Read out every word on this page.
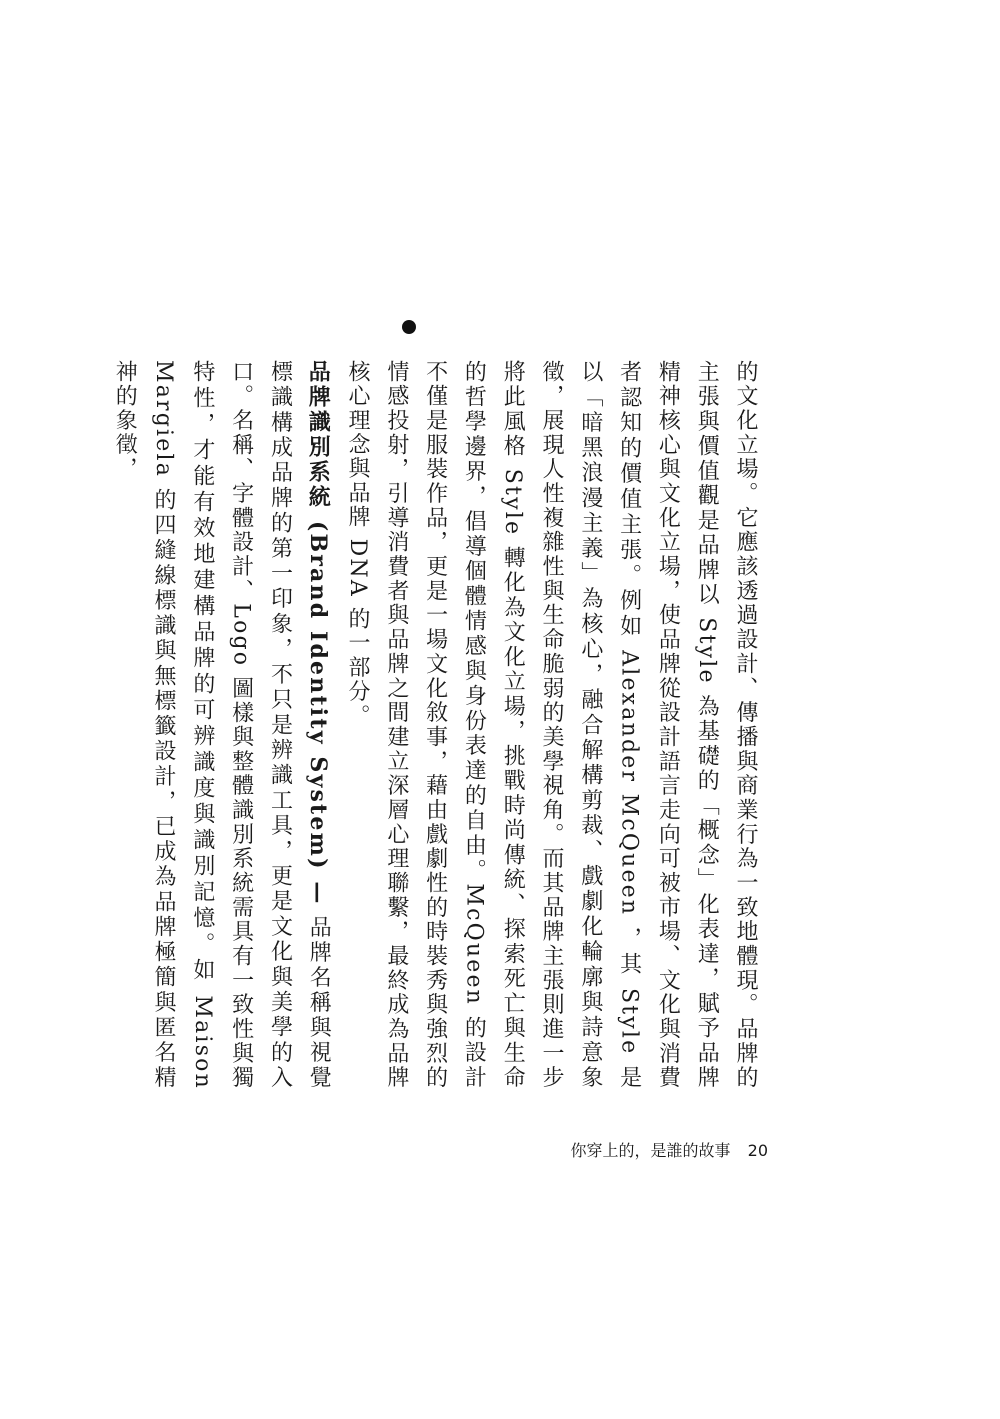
的文化立場。它應該透過設計、傳播與商業行為一致地體現。品牌的主張與價值觀是品牌以 Style 為基礎的「概念」化表達，賦予品牌精神核心與文化立場，使品牌從設計語言走向可被市場、文化與消費者認知的價值主張。例如 Alexander McQueen ，其 Style 是以「暗黑浪漫主義」為核心，融合解構剪裁、戲劇化輪廓與詩意象徵，展現人性複雜性與生命脆弱的美學視角。而其品牌主張則進一步將此風格 Style 轉化為文化立場，挑戰時尚傳統、探索死亡與生命的哲學邊界，倡導個體情感與身份表達的自由。McQueen 的設計不僅是服裝作品，更是一場文化敘事，藉由戲劇性的時裝秀與強烈的情感投射，引導消費者與品牌之間建立深層心理聯繫，最終成為品牌核心理念與品牌 DNA 的一部分。

品牌識別系統 (Brand Identity System) — 品牌名稱與視覺標識構成品牌的第一印象，不只是辨識工具，更是文化與美學的入口。名稱、字體設計、Logo 圖樣與整體識別系統需具有一致性與獨特性，才能有效地建構品牌的可辨識度與識別記憶。如 Maison Margiela 的四縫線標識與無標籤設計，已成為品牌極簡與匿名精神的象徵，

你穿上的，是誰的故事 20
